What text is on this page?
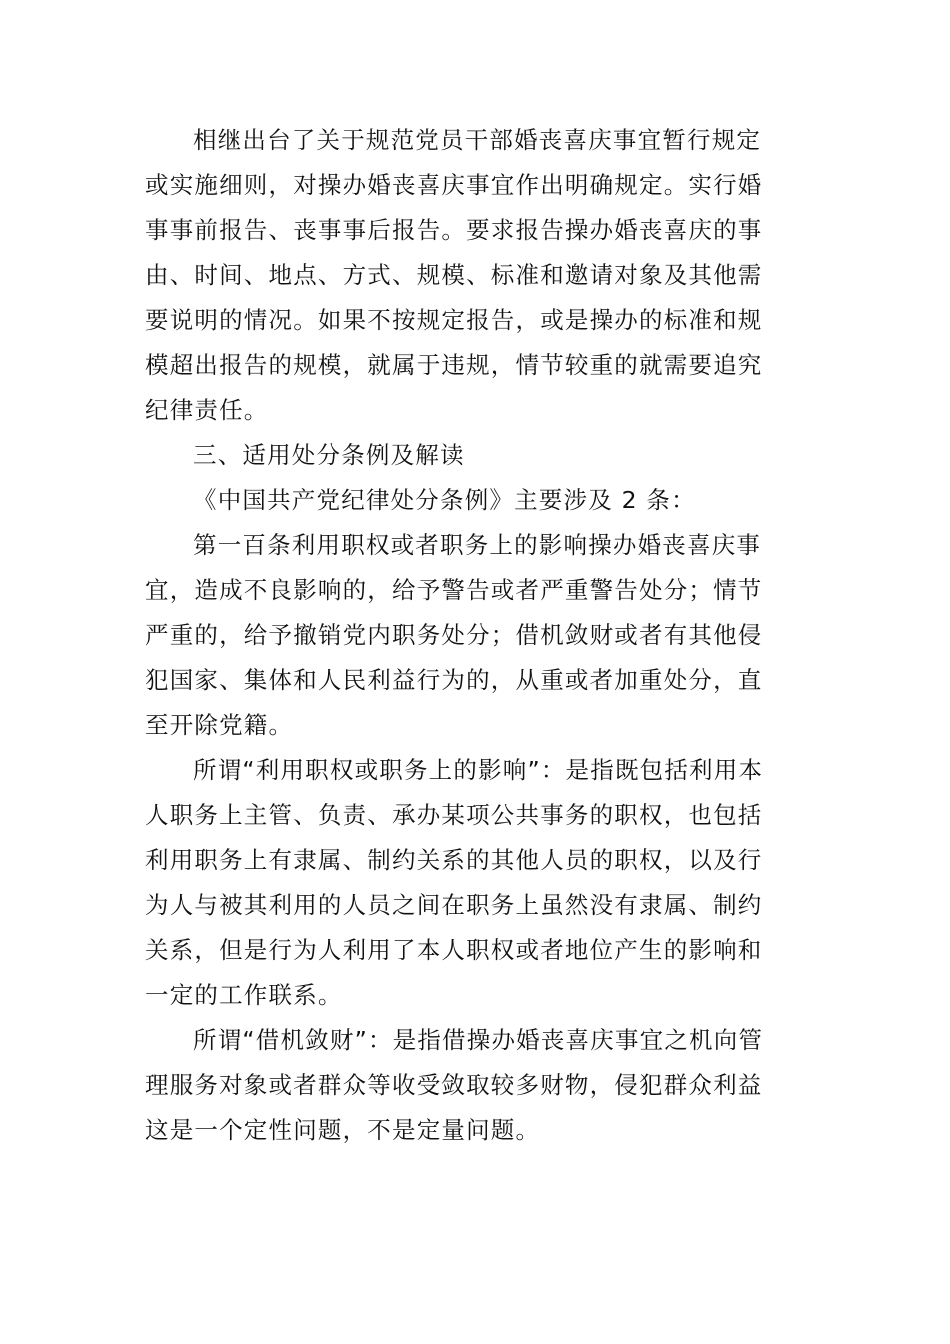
相继出台了关于规范党员干部婚丧喜庆事宜暂行规定
或实施细则，对操办婚丧喜庆事宜作出明确规定。实行婚
事事前报告、丧事事后报告。要求报告操办婚丧喜庆的事
由、时间、地点、方式、规模、标准和邀请对象及其他需
要说明的情况。如果不按规定报告，或是操办的标准和规
模超出报告的规模，就属于违规，情节较重的就需要追究
纪律责任。
三、适用处分条例及解读
《中国共产党纪律处分条例》主要涉及 2 条：
第一百条利用职权或者职务上的影响操办婚丧喜庆事
宜，造成不良影响的，给予警告或者严重警告处分；情节
严重的，给予撤销党内职务处分；借机敛财或者有其他侵
犯国家、集体和人民利益行为的，从重或者加重处分，直
至开除党籍。
所谓“利用职权或职务上的影响”：是指既包括利用本
人职务上主管、负责、承办某项公共事务的职权，也包括
利用职务上有隶属、制约关系的其他人员的职权，以及行
为人与被其利用的人员之间在职务上虽然没有隶属、制约
关系，但是行为人利用了本人职权或者地位产生的影响和
一定的工作联系。
所谓“借机敛财”：是指借操办婚丧喜庆事宜之机向管
理服务对象或者群众等收受敛取较多财物，侵犯群众利益
这是一个定性问题，不是定量问题。
